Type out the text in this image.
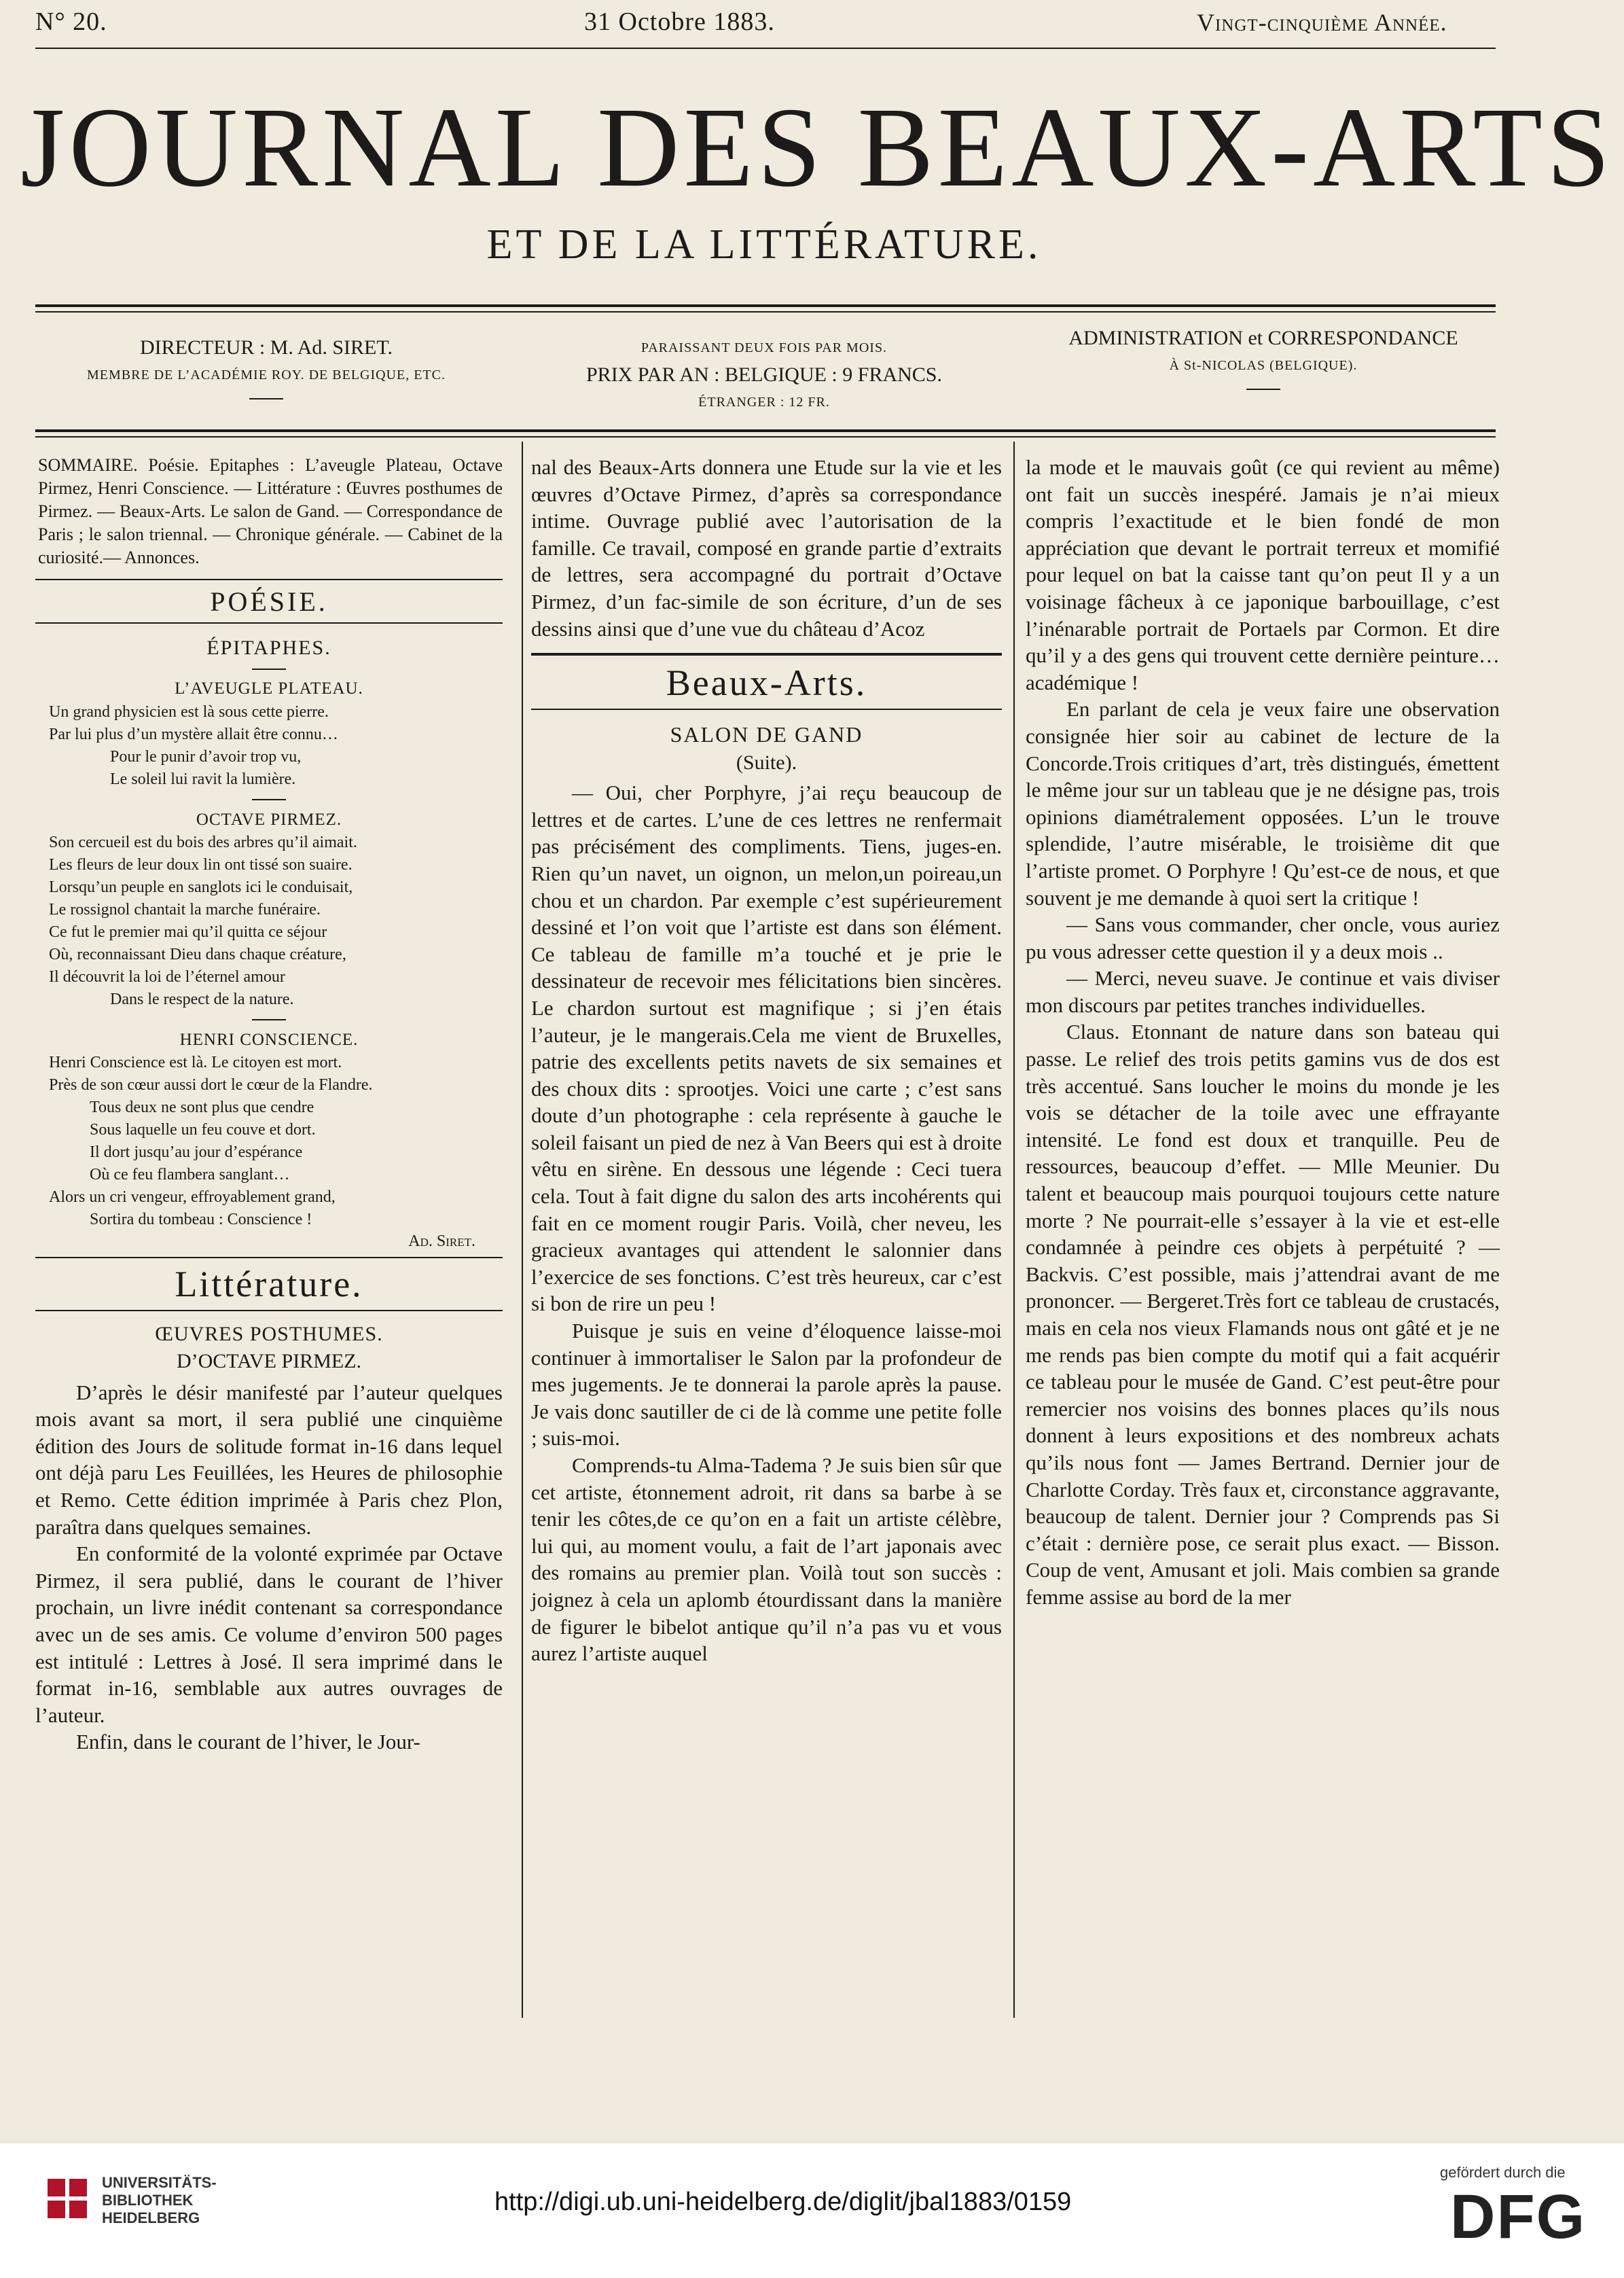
N° 20.	31 Octobre 1883.	Vingt-cinquième Année.
JOURNAL DES BEAUX-ARTS
ET DE LA LITTÉRATURE.
DIRECTEUR : M. Ad. SIRET.
MEMBRE DE L’ACADÉMIE ROY. DE BELGIQUE, ETC.
PARAISSANT DEUX FOIS PAR MOIS.
PRIX PAR AN : BELGIQUE : 9 FRANCS.
ÉTRANGER : 12 FR.
ADMINISTRATION et CORRESPONDANCE
À St-NICOLAS (BELGIQUE).

SOMMAIRE. Poésie. Epitaphes : L’aveugle Plateau, Octave Pirmez, Henri Conscience. — Littérature : Œuvres posthumes de Pirmez. — Beaux-Arts. Le salon de Gand. — Correspondance de Paris ; le salon triennal. — Chronique générale. — Cabinet de la curiosité.— Annonces.

POÉSIE.
ÉPITAPHES.
L’AVEUGLE PLATEAU.
Un grand physicien est là sous cette pierre.
Par lui plus d’un mystère allait être connu…
Pour le punir d’avoir trop vu,
Le soleil lui ravit la lumière.
OCTAVE PIRMEZ.
Son cercueil est du bois des arbres qu’il aimait.
Les fleurs de leur doux lin ont tissé son suaire.
Lorsqu’un peuple en sanglots ici le conduisait,
Le rossignol chantait la marche funéraire.
Ce fut le premier mai qu’il quitta ce séjour
Où, reconnaissant Dieu dans chaque créature,
Il découvrit la loi de l’éternel amour
Dans le respect de la nature.
HENRI CONSCIENCE.
Henri Conscience est là. Le citoyen est mort.
Près de son cœur aussi dort le cœur de la Flandre.
Tous deux ne sont plus que cendre
Sous laquelle un feu couve et dort.
Il dort jusqu’au jour d’espérance
Où ce feu flambera sanglant…
Alors un cri vengeur, effroyablement grand,
Sortira du tombeau : Conscience !
Ad. Siret.
Littérature.
ŒUVRES POSTHUMES.
D’OCTAVE PIRMEZ.

D’après le désir manifesté par l’auteur quelques mois avant sa mort, il sera publié une cinquième édition des Jours de solitude format in-16 dans lequel ont déjà paru Les Feuillées, les Heures de philosophie et Remo. Cette édition imprimée à Paris chez Plon, paraîtra dans quelques semaines.

En conformité de la volonté exprimée par Octave Pirmez, il sera publié, dans le courant de l’hiver prochain, un livre inédit contenant sa correspondance avec un de ses amis. Ce volume d’environ 500 pages est intitulé : Lettres à José. Il sera imprimé dans le format in-16, semblable aux autres ouvrages de l’auteur.

Enfin, dans le courant de l’hiver, le Jour-

nal des Beaux-Arts donnera une Etude sur la vie et les œuvres d’Octave Pirmez, d’après sa correspondance intime. Ouvrage publié avec l’autorisation de la famille. Ce travail, composé en grande partie d’extraits de lettres, sera accompagné du portrait d’Octave Pirmez, d’un fac-simile de son écriture, d’un de ses dessins ainsi que d’une vue du château d’Acoz

Beaux-Arts.
SALON DE GAND
(Suite).

— Oui, cher Porphyre, j’ai reçu beaucoup de lettres et de cartes. L’une de ces lettres ne renfermait pas précisément des compliments. Tiens, juges-en. Rien qu’un navet, un oignon, un melon,un poireau,un chou et un chardon. Par exemple c’est supérieurement dessiné et l’on voit que l’artiste est dans son élément. Ce tableau de famille m’a touché et je prie le dessinateur de recevoir mes félicitations bien sincères. Le chardon surtout est magnifique ; si j’en étais l’auteur, je le mangerais.Cela me vient de Bruxelles, patrie des excellents petits navets de six semaines et des choux dits : sprootjes. Voici une carte ; c’est sans doute d’un photographe : cela représente à gauche le soleil faisant un pied de nez à Van Beers qui est à droite vêtu en sirène. En dessous une légende : Ceci tuera cela. Tout à fait digne du salon des arts incohérents qui fait en ce moment rougir Paris. Voilà, cher neveu, les gracieux avantages qui attendent le salonnier dans l’exercice de ses fonctions. C’est très heureux, car c’est si bon de rire un peu !

Puisque je suis en veine d’éloquence laisse-moi continuer à immortaliser le Salon par la profondeur de mes jugements. Je te donnerai la parole après la pause. Je vais donc sautiller de ci de là comme une petite folle ; suis-moi.

Comprends-tu Alma-Tadema ? Je suis bien sûr que cet artiste, étonnement adroit, rit dans sa barbe à se tenir les côtes,de ce qu’on en a fait un artiste célèbre, lui qui, au moment voulu, a fait de l’art japonais avec des romains au premier plan. Voilà tout son succès : joignez à cela un aplomb étourdissant dans la manière de figurer le bibelot antique qu’il n’a pas vu et vous aurez l’artiste auquel

la mode et le mauvais goût (ce qui revient au même) ont fait un succès inespéré. Jamais je n’ai mieux compris l’exactitude et le bien fondé de mon appréciation que devant le portrait terreux et momifié pour lequel on bat la caisse tant qu’on peut Il y a un voisinage fâcheux à ce japonique barbouillage, c’est l’inénarable portrait de Portaels par Cormon. Et dire qu’il y a des gens qui trouvent cette dernière peinture… académique !

En parlant de cela je veux faire une observation consignée hier soir au cabinet de lecture de la Concorde.Trois critiques d’art, très distingués, émettent le même jour sur un tableau que je ne désigne pas, trois opinions diamétralement opposées. L’un le trouve splendide, l’autre misérable, le troisième dit que l’artiste promet. O Porphyre ! Qu’est-ce de nous, et que souvent je me demande à quoi sert la critique !

— Sans vous commander, cher oncle, vous auriez pu vous adresser cette question il y a deux mois ..

— Merci, neveu suave. Je continue et vais diviser mon discours par petites tranches individuelles.

Claus. Etonnant de nature dans son bateau qui passe. Le relief des trois petits gamins vus de dos est très accentué. Sans loucher le moins du monde je les vois se détacher de la toile avec une effrayante intensité. Le fond est doux et tranquille. Peu de ressources, beaucoup d’effet. — Mlle Meunier. Du talent et beaucoup mais pourquoi toujours cette nature morte ? Ne pourrait-elle s’essayer à la vie et est-elle condamnée à peindre ces objets à perpétuité ? — Backvis. C’est possible, mais j’attendrai avant de me prononcer. — Bergeret.Très fort ce tableau de crustacés, mais en cela nos vieux Flamands nous ont gâté et je ne me rends pas bien compte du motif qui a fait acquérir ce tableau pour le musée de Gand. C’est peut-être pour remercier nos voisins des bonnes places qu’ils nous donnent à leurs expositions et des nombreux achats qu’ils nous font — James Bertrand. Dernier jour de Charlotte Corday. Très faux et, circonstance aggravante, beaucoup de talent. Dernier jour ? Comprends pas Si c’était : dernière pose, ce serait plus exact. — Bisson. Coup de vent, Amusant et joli. Mais combien sa grande femme assise au bord de la mer

UNIVERSITÄTS-
BIBLIOTHEK
HEIDELBERG
http://digi.ub.uni-heidelberg.de/diglit/jbal1883/0159
gefördert durch die
DFG
